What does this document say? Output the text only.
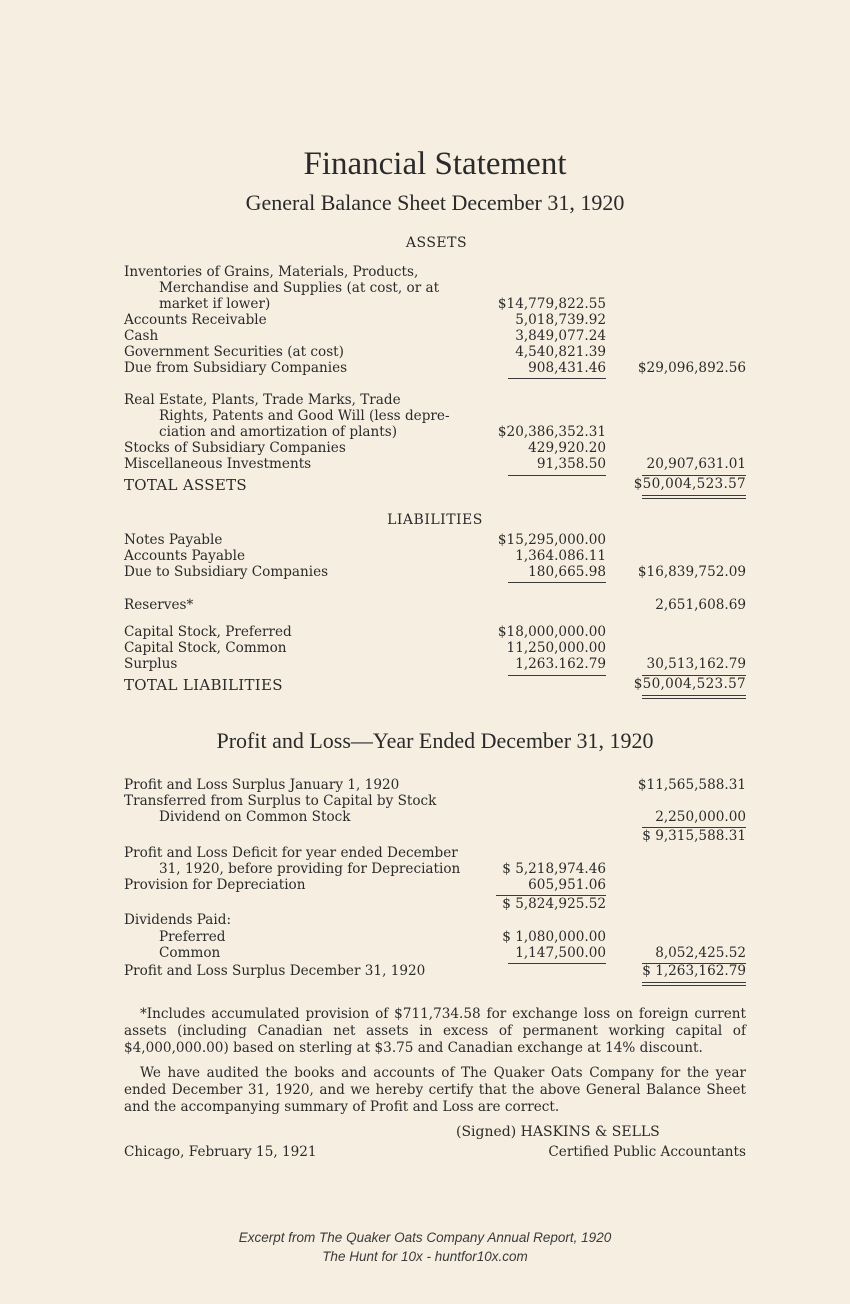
Financial Statement
General Balance Sheet December 31, 1920
ASSETS
Inventories of Grains, Materials, Products,
Merchandise and Supplies (at cost, or at
market if lower)	$14,779,822.55
Accounts Receivable	5,018,739.92
Cash	3,849,077.24
Government Securities (at cost)	4,540,821.39
Due from Subsidiary Companies	908,431.46 $29,096,892.56
Real Estate, Plants, Trade Marks, Trade
Rights, Patents and Good Will (less depre-
ciation and amortization of plants)	$20,386,352.31
Stocks of Subsidiary Companies	429,920.20
Miscellaneous Investments	91,358.50	20,907,631.01
TOTAL ASSETS	$50,004,523.57
LIABILITIES
Notes Payable	$15,295,000.00
Accounts Payable	1,364.086.11
Due to Subsidiary Companies	180,665.98 $16,839,752.09
Reserves*	2,651,608.69
Capital Stock, Preferred	$18,000,000.00
Capital Stock, Common	11,250,000.00
Surplus	1,263.162.79	30,513,162.79
TOTAL LIABILITIES	$50,004,523.57
Profit and Loss—Year Ended December 31, 1920
Profit and Loss Surplus January 1, 1920	$11,565,588.31
Transferred from Surplus to Capital by Stock
Dividend on Common Stock	2,250,000.00
$ 9,315,588.31
Profit and Loss Deficit for year ended December
31, 1920, before providing for Depreciation	$ 5,218,974.46
Provision for Depreciation	605,951.06
$ 5,824,925.52
Dividends Paid:
Preferred	$ 1,080,000.00
Common	1,147,500.00	8,052,425.52
Profit and Loss Surplus December 31, 1920	$ 1,263,162.79
*Includes accumulated provision of $711,734.58 for exchange loss on foreign current assets (including Canadian net assets in excess of permanent working capital of $4,000,000.00) based on sterling at $3.75 and Canadian exchange at 14% discount.
We have audited the books and accounts of The Quaker Oats Company for the year ended December 31, 1920, and we hereby certify that the above General Balance Sheet and the accompanying summary of Profit and Loss are correct.
(Signed) HASKINS & SELLS
Chicago, February 15, 1921	Certified Public Accountants
Excerpt from The Quaker Oats Company Annual Report, 1920
The Hunt for 10x - huntfor10x.com
